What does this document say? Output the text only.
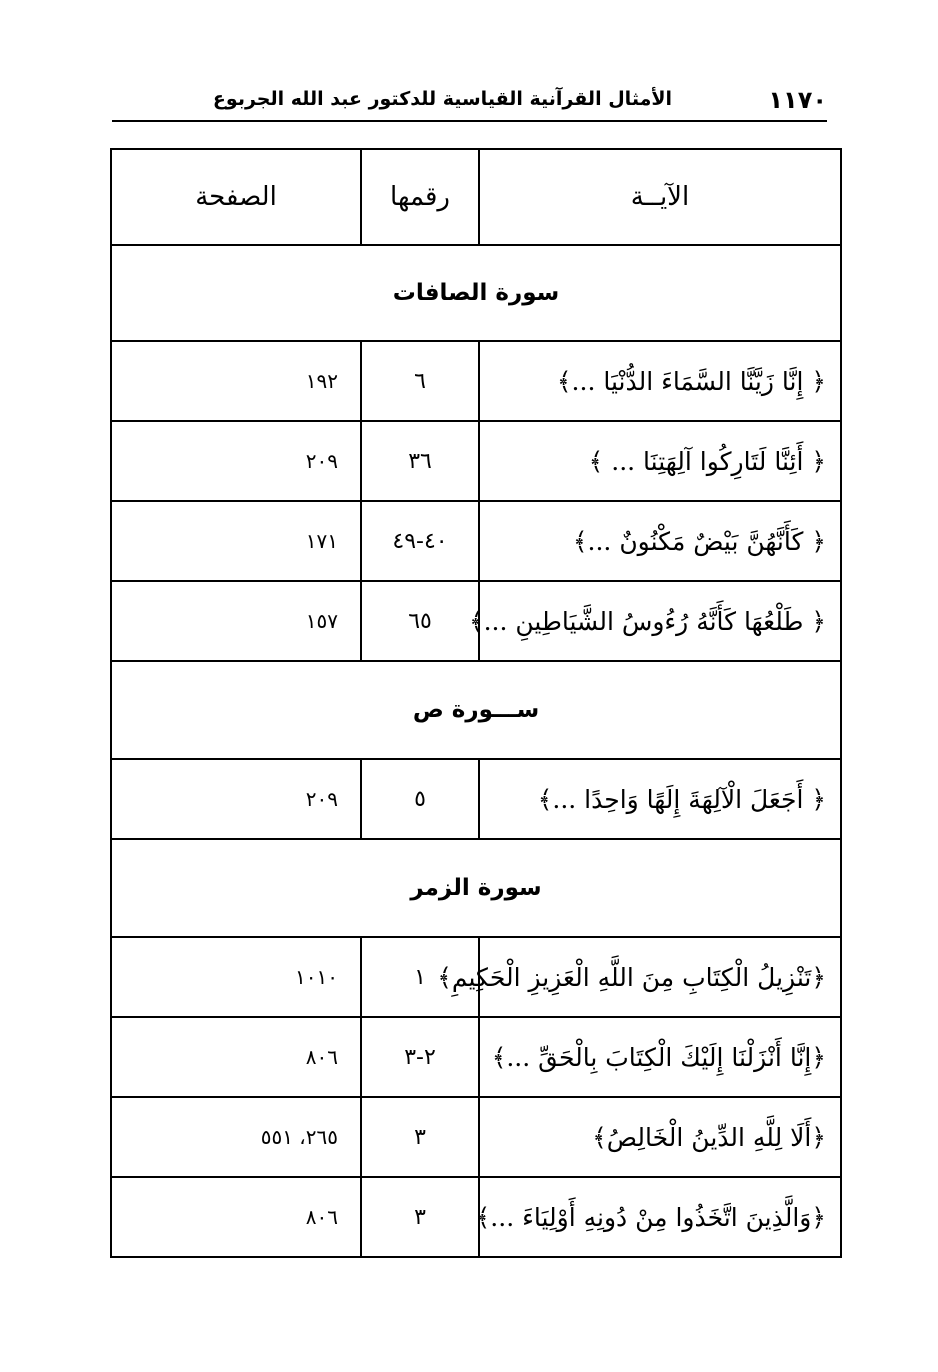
١١٧٠
الأمثال القرآنية القياسية للدكتور عبد الله الجربوع
الآيــة
رقمها
الصفحة
سورة الصافات
﴿ إِنَّا زَيَّنَّا السَّمَاءَ الدُّنْيَا ...﴾
٦
١٩٢
﴿ أَئِنَّا لَتَارِكُوا آلِهَتِنَا ... ﴾
٣٦
٢٠٩
﴿ كَأَنَّهُنَّ بَيْضٌ مَكْنُونٌ ...﴾
٤٠-٤٩
١٧١
﴿ طَلْعُهَا كَأَنَّهُ رُءُوسُ الشَّيَاطِينِ ...﴾
٦٥
١٥٧
ســـورة ص
﴿ أَجَعَلَ الْآلِهَةَ إِلَهًا وَاحِدًا ...﴾
٥
٢٠٩
سورة الزمر
﴿تَنْزِيلُ الْكِتَابِ مِنَ اللَّهِ الْعَزِيزِ الْحَكِيمِ﴾
١
١٠١٠
﴿إِنَّا أَنْزَلْنَا إِلَيْكَ الْكِتَابَ بِالْحَقِّ ...﴾
٢-٣
٨٠٦
﴿أَلَا لِلَّهِ الدِّينُ الْخَالِصُ﴾
٣
٢٦٥، ٥٥١
﴿وَالَّذِينَ اتَّخَذُوا مِنْ دُونِهِ أَوْلِيَاءَ ...﴾
٣
٨٠٦
